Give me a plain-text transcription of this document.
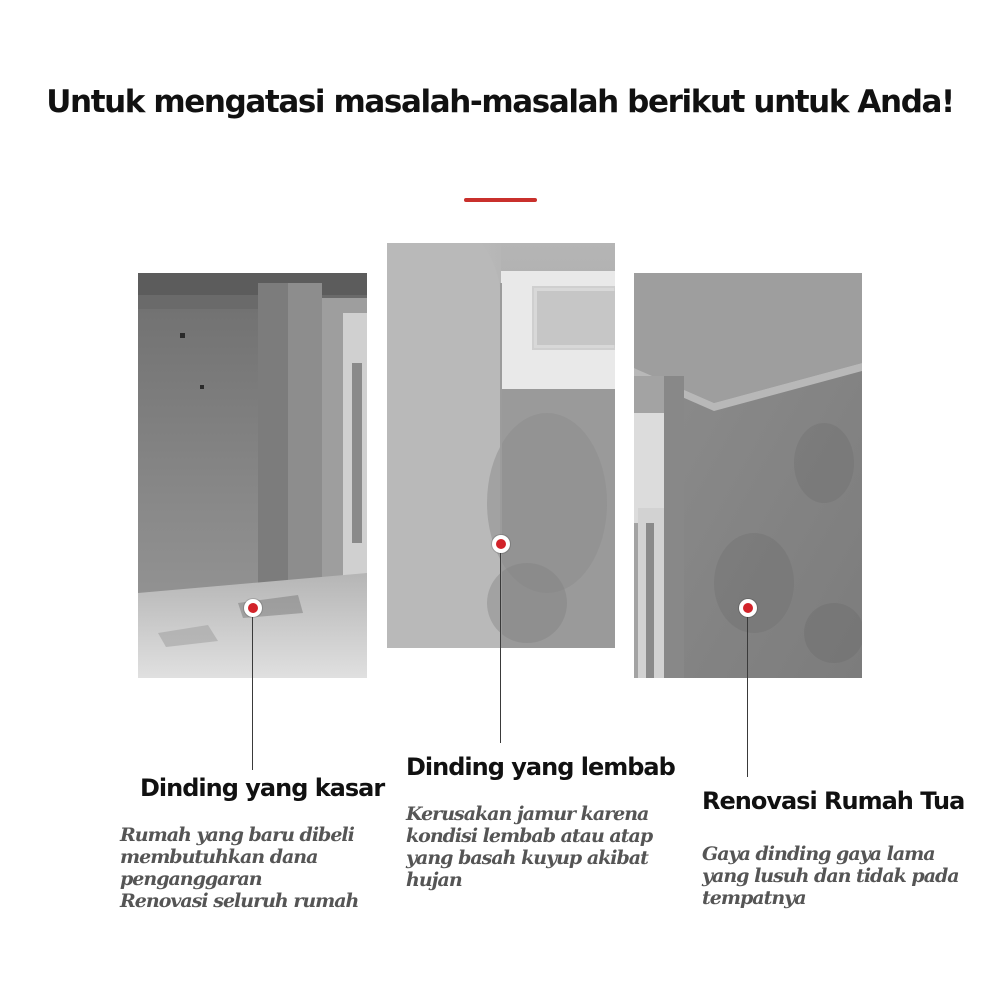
Untuk mengatasi masalah-masalah berikut untuk Anda!
Dinding yang kasar

Rumah yang baru dibeli
membutuhkan dana
penganggaran
Renovasi seluruh rumah

Dinding yang lembab

Kerusakan jamur karena
kondisi lembab atau atap
yang basah kuyup akibat
hujan

Renovasi Rumah Tua

Gaya dinding gaya lama
yang lusuh dan tidak pada
tempatnya
